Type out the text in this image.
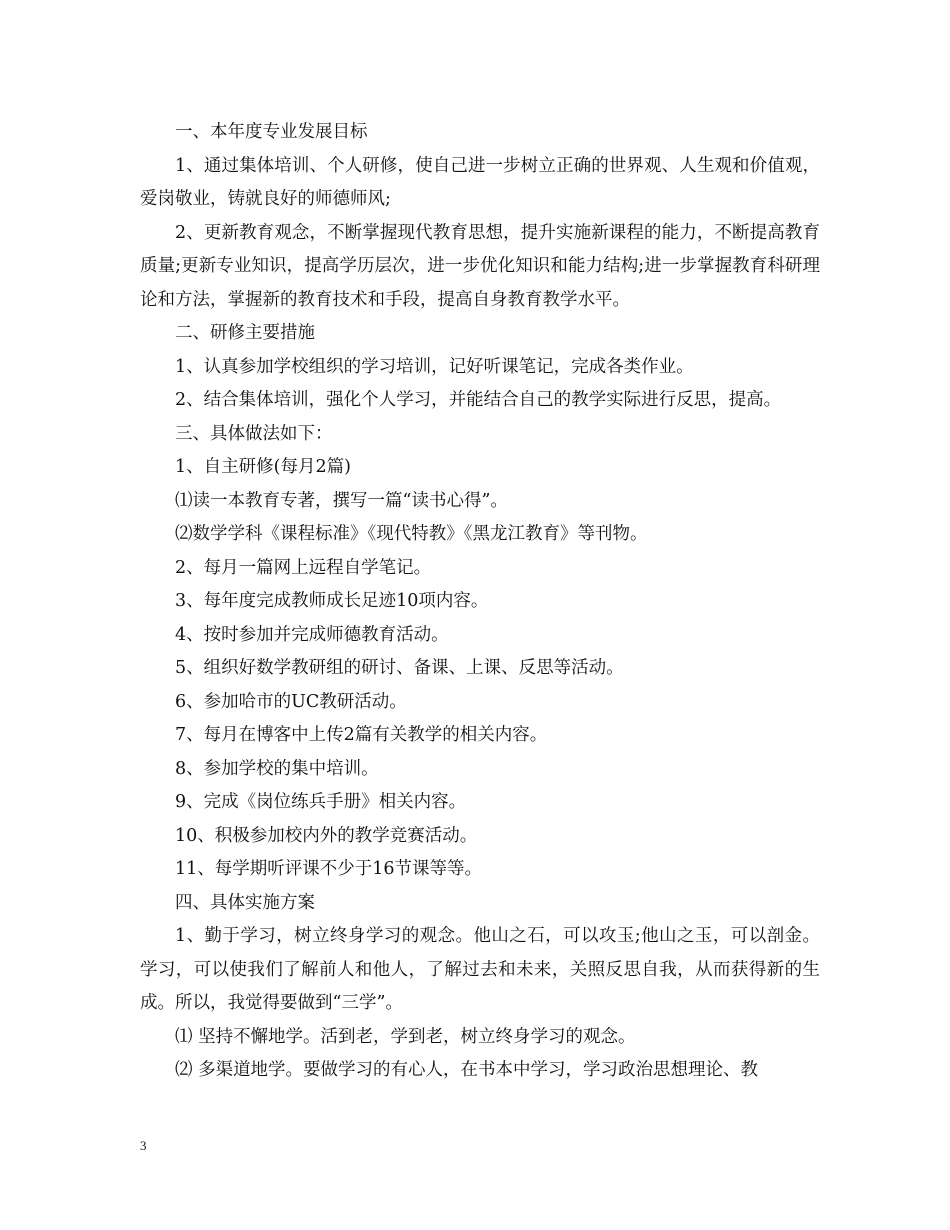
一、本年度专业发展目标

1、通过集体培训、个人研修，使自己进一步树立正确的世界观、人生观和价值观，爱岗敬业，铸就良好的师德师风;

2、更新教育观念，不断掌握现代教育思想，提升实施新课程的能力，不断提高教育质量;更新专业知识，提高学历层次，进一步优化知识和能力结构;进一步掌握教育科研理论和方法，掌握新的教育技术和手段，提高自身教育教学水平。

二、研修主要措施

1、认真参加学校组织的学习培训，记好听课笔记，完成各类作业。

2、结合集体培训，强化个人学习，并能结合自己的教学实际进行反思，提高。

三、具体做法如下：

1、自主研修(每月2篇)

⑴读一本教育专著，撰写一篇“读书心得”。

⑵数学学科《课程标准》《现代特教》《黑龙江教育》等刊物。

2、每月一篇网上远程自学笔记。

3、每年度完成教师成长足迹10项内容。

4、按时参加并完成师德教育活动。

5、组织好数学教研组的研讨、备课、上课、反思等活动。

6、参加哈市的UC教研活动。

7、每月在博客中上传2篇有关教学的相关内容。

8、参加学校的集中培训。

9、完成《岗位练兵手册》相关内容。

10、积极参加校内外的教学竞赛活动。

11、每学期听评课不少于16节课等等。

四、具体实施方案

1、勤于学习，树立终身学习的观念。他山之石，可以攻玉;他山之玉，可以剖金。学习，可以使我们了解前人和他人，了解过去和未来，关照反思自我，从而获得新的生成。所以，我觉得要做到“三学”。

⑴ 坚持不懈地学。活到老，学到老，树立终身学习的观念。

⑵ 多渠道地学。要做学习的有心人，在书本中学习，学习政治思想理论、教

3
